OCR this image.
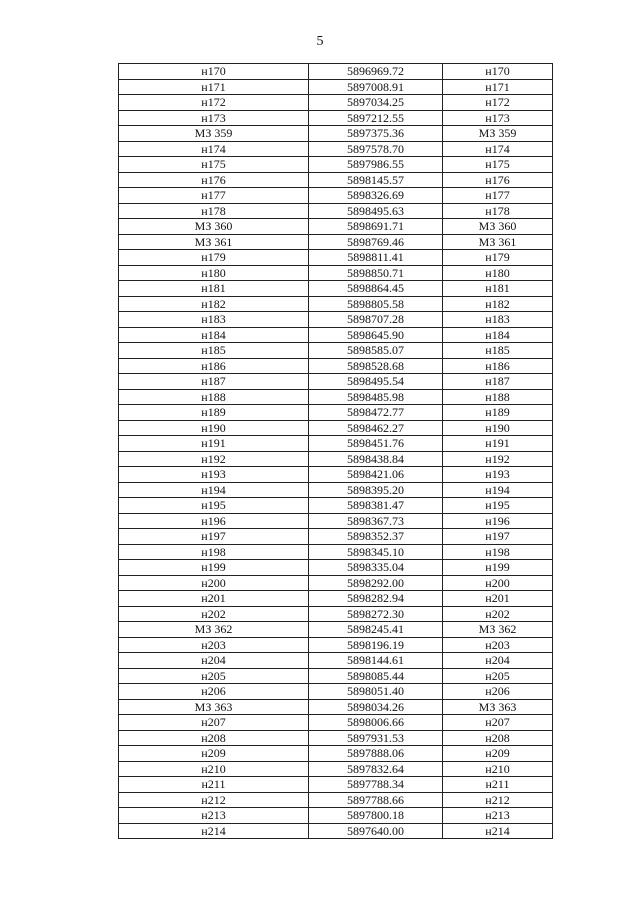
5
н170	5896969.72	н170
н171	5897008.91	н171
н172	5897034.25	н172
н173	5897212.55	н173
МЗ 359	5897375.36	МЗ 359
н174	5897578.70	н174
н175	5897986.55	н175
н176	5898145.57	н176
н177	5898326.69	н177
н178	5898495.63	н178
МЗ 360	5898691.71	МЗ 360
МЗ 361	5898769.46	МЗ 361
н179	5898811.41	н179
н180	5898850.71	н180
н181	5898864.45	н181
н182	5898805.58	н182
н183	5898707.28	н183
н184	5898645.90	н184
н185	5898585.07	н185
н186	5898528.68	н186
н187	5898495.54	н187
н188	5898485.98	н188
н189	5898472.77	н189
н190	5898462.27	н190
н191	5898451.76	н191
н192	5898438.84	н192
н193	5898421.06	н193
н194	5898395.20	н194
н195	5898381.47	н195
н196	5898367.73	н196
н197	5898352.37	н197
н198	5898345.10	н198
н199	5898335.04	н199
н200	5898292.00	н200
н201	5898282.94	н201
н202	5898272.30	н202
МЗ 362	5898245.41	МЗ 362
н203	5898196.19	н203
н204	5898144.61	н204
н205	5898085.44	н205
н206	5898051.40	н206
МЗ 363	5898034.26	МЗ 363
н207	5898006.66	н207
н208	5897931.53	н208
н209	5897888.06	н209
н210	5897832.64	н210
н211	5897788.34	н211
н212	5897788.66	н212
н213	5897800.18	н213
н214	5897640.00	н214
